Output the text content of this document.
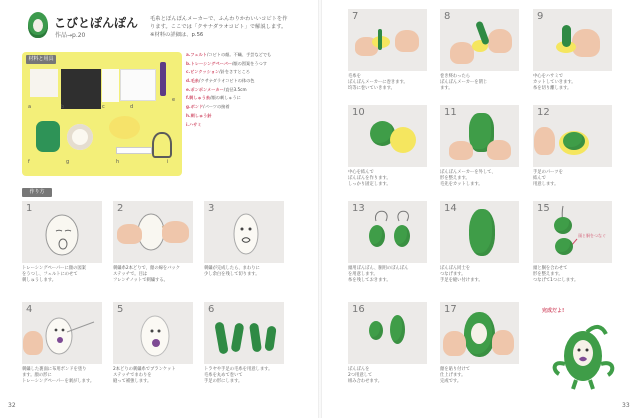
こびとぽんぽん
作品→p.20
毛糸とぽんぽんメーカーで、ふんわりかわいいコビトを作
ります。ここでは「クサナダラオコビト」で解説します。
※材料の詳細は、p.56
a	b	c	d
e
f	g	h	i
材料と用具
a.フェルト/コビトの顔。不織、手芸などでも
b.トレーシングペーパー/顔の図案をうつす
c.ピンクッション/針をさすところ
d.毛糸/クサナダラオコビトの体の色
e.ポンポンメーカー/直径3.5cm
f.刺しゅう糸/顔の刺しゅうに
g.ボンド/パーツの接着
h.刺しゅう針
i.ハサミ
作り方
1
トレーシングペーパーに顔の図案
をうつし、フェルトにのせて
刺しゅうします。
2
刺繍糸2本どりで、顔の線をバック
ステッチで。目は
フレンチノットで刺繍する。
3
刺繍が完成したら、まわりに
少し余白を残して切ります。
4
刺繍した裏面に布用ボンドを塗り
ます。顔の形に
トレーシングペーパーを剥がします。
5
2本どりの刺繍糸でブランケット
ステッチでまわりを
縫って補強します。
6
トラヤや手足の毛糸を用意します。
毛糸を丸めて巻いて
手足の形にします。
32
7
毛糸を
ぽんぽんメーカーに巻きます。
均等に巻いていきます。
8
巻き終わったら
ぽんぽんメーカーを閉じ
ます。
9
中心をハサミで
カットしていきます。
糸を切り離します。
10
中心を結んで
ぽんぽんを作ります。
しっかり固定します。
11
ぽんぽんメーカーを外して、
形を整えます。
毛先をカットします。
12
手足のパーツを
結んで
用意します。
13
頭用ぽんぽん、胴用のぽんぽん
を用意します。
糸を残しておきます。
14
ぽんぽん同士を
つなげます。
手足を縫い付けます。
15
頭と胴をつなぐ
頭と胴を合わせて
形を整えます。
つなげて1つにします。
16
ぽんぽんを
2つ用意して
組み合わせます。
17
顔を貼り付けて
仕上げます。
完成です。
完成だよ!
33
